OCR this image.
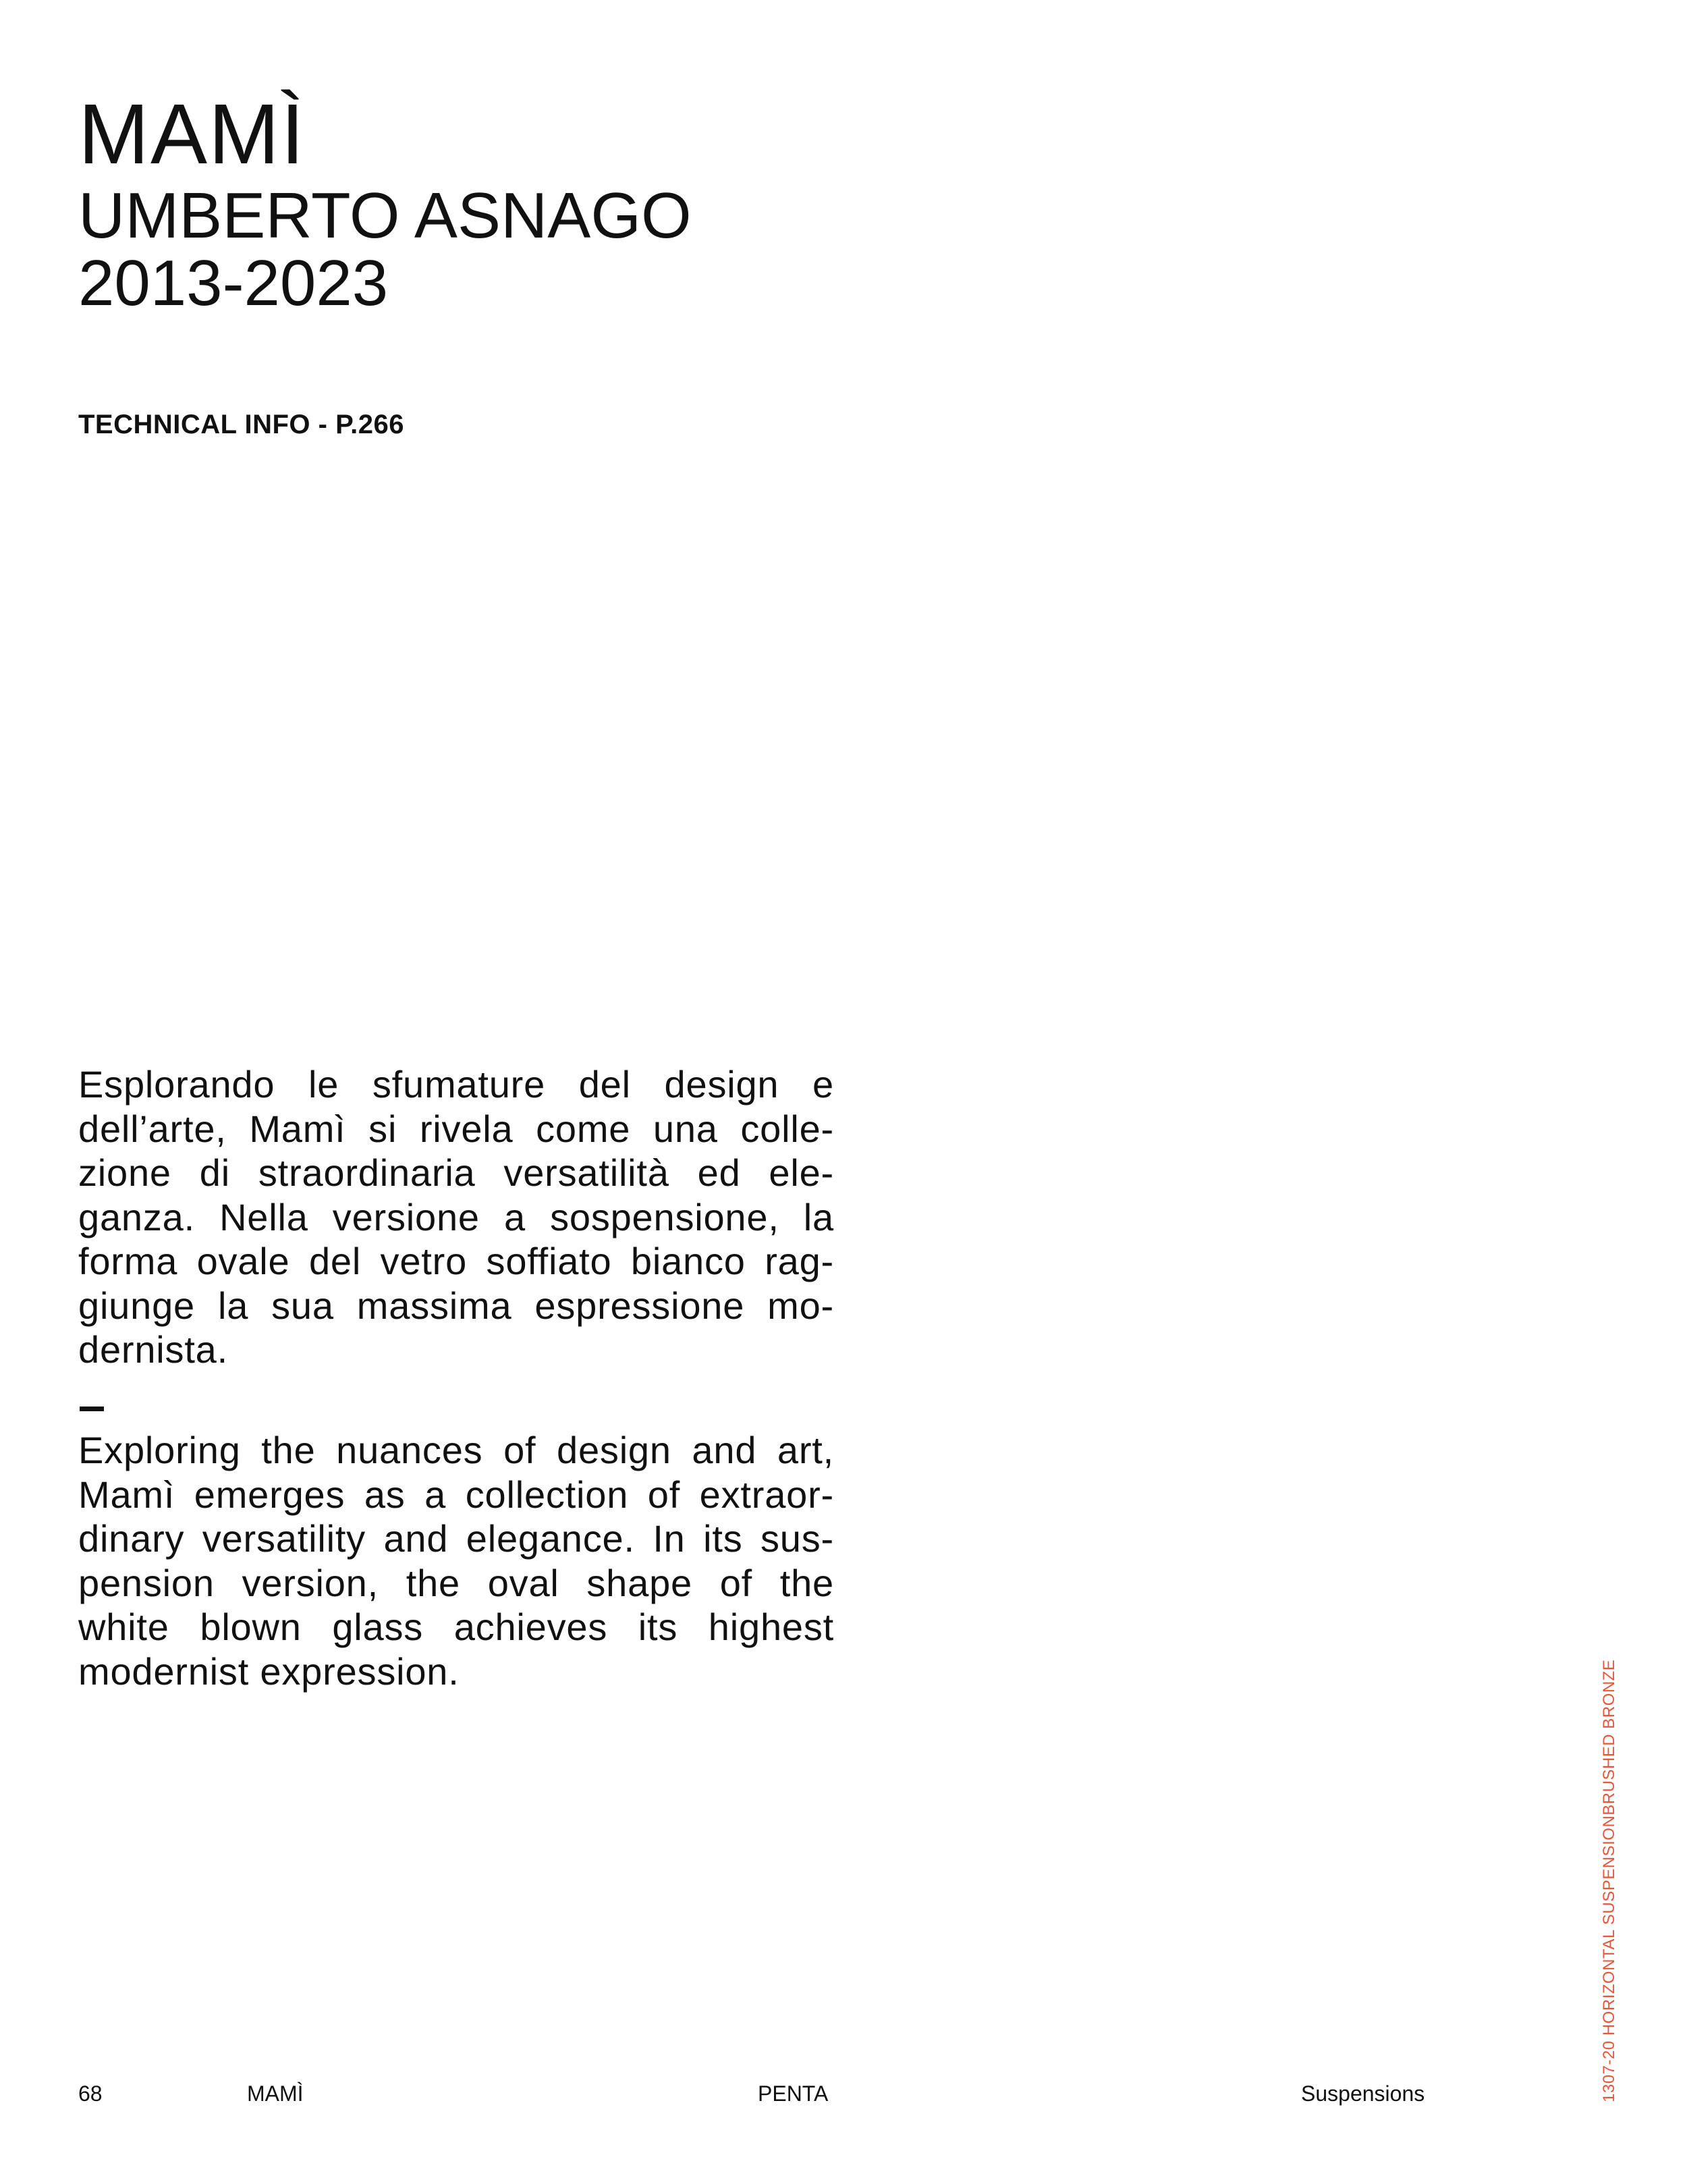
MAMÌ
UMBERTO ASNAGO
2013-2023
TECHNICAL INFO - P.266

Esplorando le sfumature del design e dell’arte, Mamì si rivela come una colle-zione di straordinaria versatilità ed ele-ganza. Nella versione a sospensione, la forma ovale del vetro soffiato bianco rag-giunge la sua massima espressione mo-dernista.

Exploring the nuances of design and art, Mamì emerges as a collection of extraor-dinary versatility and elegance. In its sus-pension version, the oval shape of the white blown glass achieves its highest modernist expression.

68	MAMÌ	PENTA	Suspensions	1307-20 HORIZONTAL SUSPENSIONBRUSHED BRONZE
